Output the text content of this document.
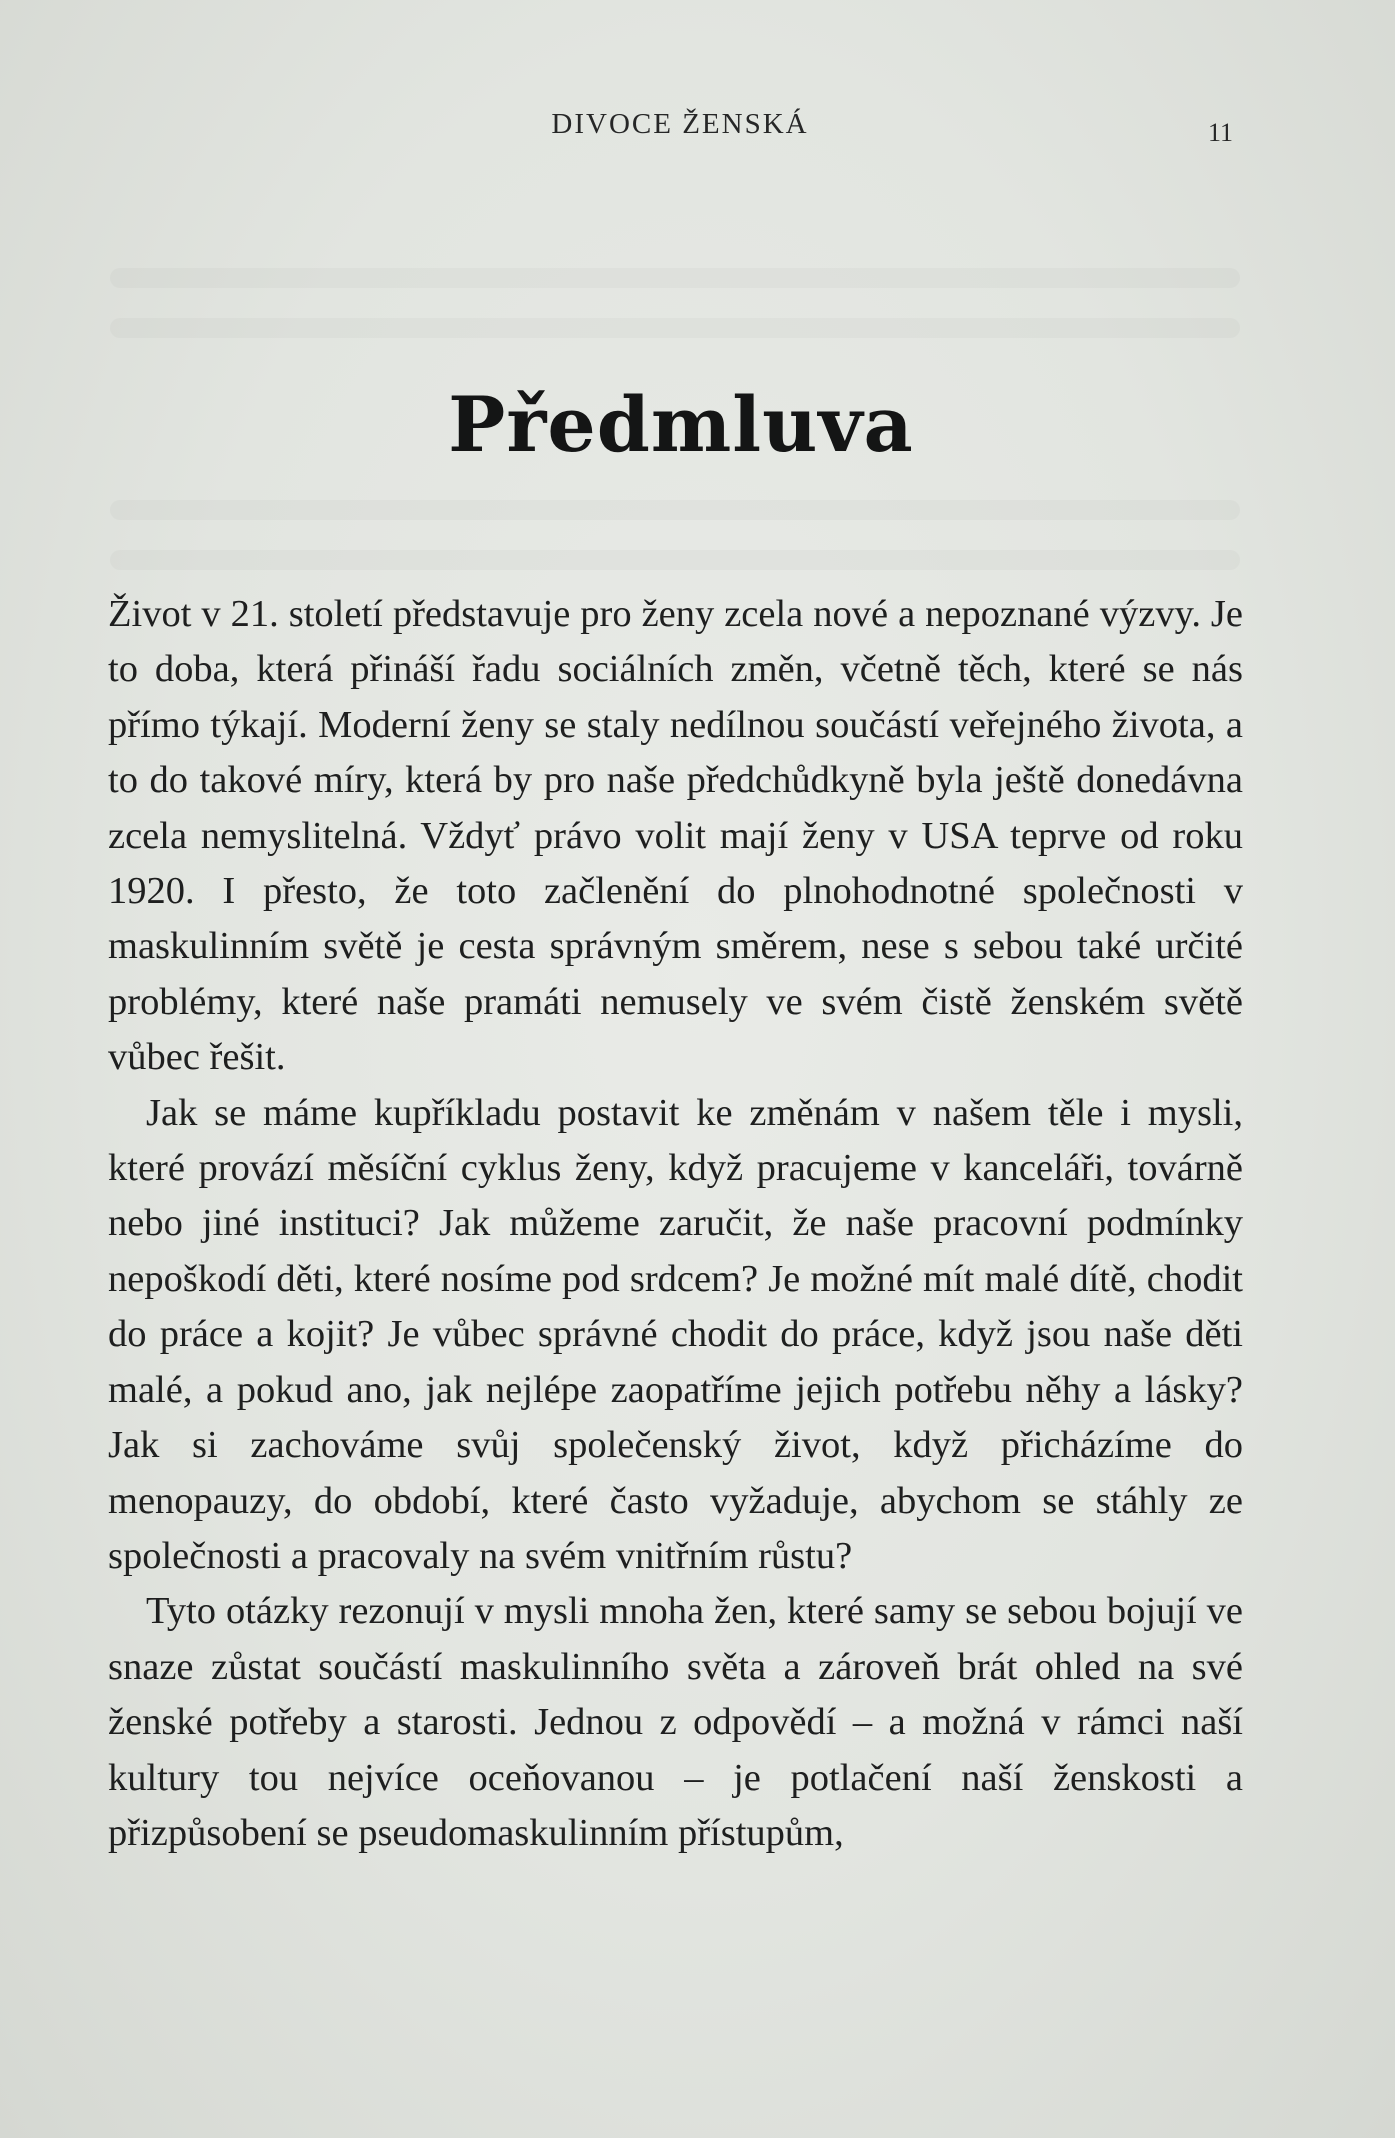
DIVOCE ŽENSKÁ	11
Předmluva

Život v 21. století představuje pro ženy zcela nové a nepoznané výzvy. Je to doba, která přináší řadu sociálních změn, včetně těch, které se nás přímo týkají. Moderní ženy se staly nedílnou součástí veřejného života, a to do takové míry, která by pro naše předchůdkyně byla ještě donedávna zcela nemyslitelná. Vždyť právo volit mají ženy v USA teprve od roku 1920. I přesto, že toto začlenění do plnohodnotné společnosti v maskulinním světě je cesta správným směrem, nese s sebou také určité problémy, které naše pramáti nemusely ve svém čistě ženském světě vůbec řešit.

Jak se máme kupříkladu postavit ke změnám v našem těle i mysli, které provází měsíční cyklus ženy, když pracujeme v kanceláři, továrně nebo jiné instituci? Jak můžeme zaručit, že naše pracovní podmínky nepoškodí děti, které nosíme pod srdcem? Je možné mít malé dítě, chodit do práce a kojit? Je vůbec správné chodit do práce, když jsou naše děti malé, a pokud ano, jak nejlépe zaopatříme jejich potřebu něhy a lásky? Jak si zachováme svůj společenský život, když přicházíme do menopauzy, do období, které často vyžaduje, abychom se stáhly ze společnosti a pracovaly na svém vnitřním růstu?

Tyto otázky rezonují v mysli mnoha žen, které samy se sebou bojují ve snaze zůstat součástí maskulinního světa a zároveň brát ohled na své ženské potřeby a starosti. Jednou z odpovědí – a možná v rámci naší kultury tou nejvíce oceňovanou – je potlačení naší ženskosti a přizpůsobení se pseudomaskulinním přístupům,
